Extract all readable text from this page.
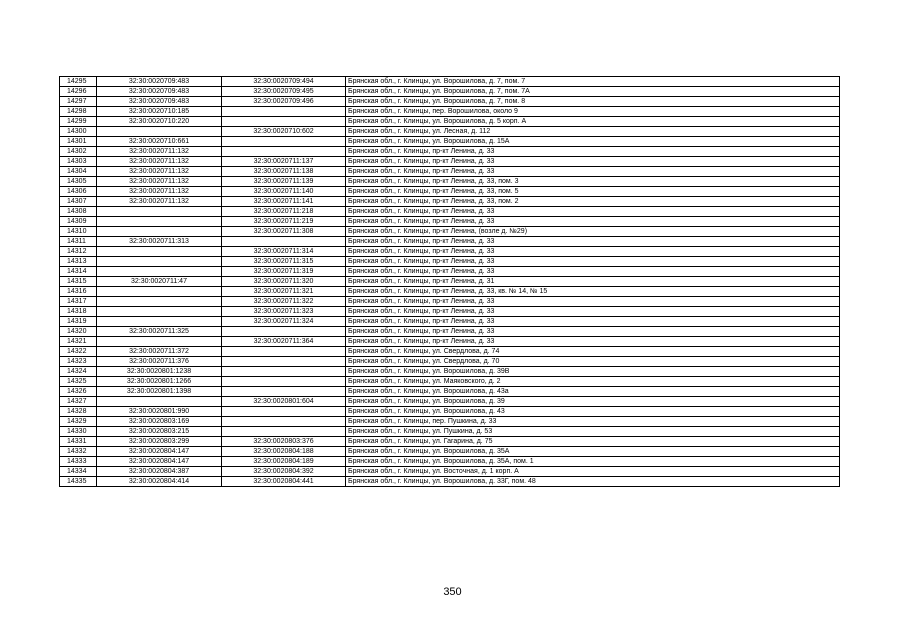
14295	32:30:0020709:483	32:30:0020709:494	Брянская обл., г. Клинцы, ул. Ворошилова, д. 7, пом. 7
14296	32:30:0020709:483	32:30:0020709:495	Брянская обл., г. Клинцы, ул. Ворошилова, д. 7, пом. 7А
14297	32:30:0020709:483	32:30:0020709:496	Брянская обл., г. Клинцы, ул. Ворошилова, д. 7, пом. 8
14298	32:30:0020710:185		Брянская обл., г. Клинцы, пер. Ворошилова, около 9
14299	32:30:0020710:220		Брянская обл., г. Клинцы, ул. Ворошилова, д. 5 корп. А
14300		32:30:0020710:602	Брянская обл., г. Клинцы, ул. Лесная, д. 112
14301	32:30:0020710:661		Брянская обл., г. Клинцы, ул. Ворошилова, д. 15А
14302	32:30:0020711:132		Брянская обл., г. Клинцы, пр-кт Ленина, д. 33
14303	32:30:0020711:132	32:30:0020711:137	Брянская обл., г. Клинцы, пр-кт Ленина, д. 33
14304	32:30:0020711:132	32:30:0020711:138	Брянская обл., г. Клинцы, пр-кт Ленина, д. 33
14305	32:30:0020711:132	32:30:0020711:139	Брянская обл., г. Клинцы, пр-кт Ленина, д. 33, пом. 3
14306	32:30:0020711:132	32:30:0020711:140	Брянская обл., г. Клинцы, пр-кт Ленина, д. 33, пом. 5
14307	32:30:0020711:132	32:30:0020711:141	Брянская обл., г. Клинцы, пр-кт Ленина, д. 33, пом. 2
14308		32:30:0020711:218	Брянская обл., г. Клинцы, пр-кт Ленина, д. 33
14309		32:30:0020711:219	Брянская обл., г. Клинцы, пр-кт Ленина, д. 33
14310		32:30:0020711:308	Брянская обл., г. Клинцы, пр-кт Ленина, (возле д. №29)
14311	32:30:0020711:313		Брянская обл., г. Клинцы, пр-кт Ленина, д. 33
14312		32:30:0020711:314	Брянская обл., г. Клинцы, пр-кт Ленина, д. 33
14313		32:30:0020711:315	Брянская обл., г. Клинцы, пр-кт Ленина, д. 33
14314		32:30:0020711:319	Брянская обл., г. Клинцы, пр-кт Ленина, д. 33
14315	32:30:0020711:47	32:30:0020711:320	Брянская обл., г. Клинцы, пр-кт Ленина, д. 31
14316		32:30:0020711:321	Брянская обл., г. Клинцы, пр-кт Ленина, д. 33, кв. № 14, № 15
14317		32:30:0020711:322	Брянская обл., г. Клинцы, пр-кт Ленина, д. 33
14318		32:30:0020711:323	Брянская обл., г. Клинцы, пр-кт Ленина, д. 33
14319		32:30:0020711:324	Брянская обл., г. Клинцы, пр-кт Ленина, д. 33
14320	32:30:0020711:325		Брянская обл., г. Клинцы, пр-кт Ленина, д. 33
14321		32:30:0020711:364	Брянская обл., г. Клинцы, пр-кт Ленина, д. 33
14322	32:30:0020711:372		Брянская обл., г. Клинцы, ул. Свердлова, д. 74
14323	32:30:0020711:376		Брянская обл., г. Клинцы, ул. Свердлова, д. 70
14324	32:30:0020801:1238		Брянская обл., г. Клинцы, ул. Ворошилова, д. 39В
14325	32:30:0020801:1266		Брянская обл., г. Клинцы, ул. Маяковского, д. 2
14326	32:30:0020801:1398		Брянская обл., г. Клинцы, ул. Ворошилова, д. 43а
14327		32:30:0020801:604	Брянская обл., г. Клинцы, ул. Ворошилова, д. 39
14328	32:30:0020801:990		Брянская обл., г. Клинцы, ул. Ворошилова, д. 43
14329	32:30:0020803:169		Брянская обл., г. Клинцы, пер. Пушкина, д. 33
14330	32:30:0020803:215		Брянская обл., г. Клинцы, ул. Пушкина, д. 53
14331	32:30:0020803:299	32:30:0020803:376	Брянская обл., г. Клинцы, ул. Гагарина, д. 75
14332	32:30:0020804:147	32:30:0020804:188	Брянская обл., г. Клинцы, ул. Ворошилова, д. 35А
14333	32:30:0020804:147	32:30:0020804:189	Брянская обл., г. Клинцы, ул. Ворошилова, д. 35А, пом. 1
14334	32:30:0020804:387	32:30:0020804:392	Брянская обл., г. Клинцы, ул. Восточная, д. 1 корп. А
14335	32:30:0020804:414	32:30:0020804:441	Брянская обл., г. Клинцы, ул. Ворошилова, д. 33Г, пом. 48
350
